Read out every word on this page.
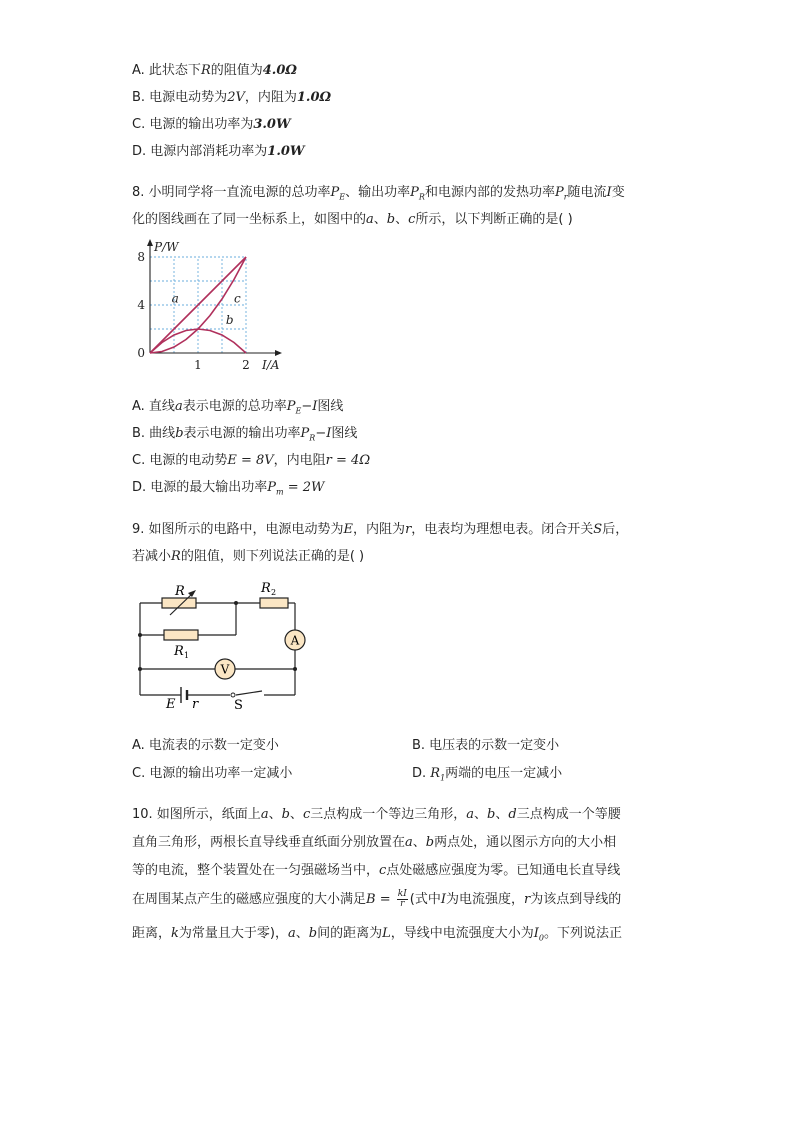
A. 此状态下R的阻值为4.0Ω
B. 电源电动势为2V，内阻为1.0Ω
C. 电源的输出功率为3.0W
D. 电源内部消耗功率为1.0W
8. 小明同学将一直流电源的总功率$P_E$、输出功率$P_R$和电源内部的发热功率$P_r$随电流I变
化的图线画在了同一坐标系上，如图中的a、b、c所示，以下判断正确的是( )
a
b
c
1	2
4
8
0
I/A
P/W
A. 直线a表示电源的总功率$P_E-I$图线
B. 曲线b表示电源的输出功率$P_R-I$图线
C. 电源的电动势E = 8V，内电阻r = 4Ω
D. 电源的最大输出功率$P_m = 2W$
9. 如图所示的电路中，电源电动势为E，内阻为r，电表均为理想电表。闭合开关S后，
若减小R的阻值，则下列说法正确的是( )
A
V
R	R 2
R 1
E r	S
A. 电流表的示数一定变小	B. 电压表的示数一定变小
C. 电源的输出功率一定减小	D. $R_1$两端的电压一定减小
10. 如图所示，纸面上a、b、c三点构成一个等边三角形，a、b、d三点构成一个等腰
直角三角形，两根长直导线垂直纸面分别放置在a、b两点处，通以图示方向的大小相
等的电流，整个装置处在一匀强磁场当中，c点处磁感应强度为零。已知通电长直导线
在周围某点产生的磁感应强度的大小满足$B = \frac{kI}{r}$ (式中I为电流强度，r为该点到导线的
距离，k为常量且大于零)，a、b间的距离为L，导线中电流强度大小为$I_0$。下列说法正
